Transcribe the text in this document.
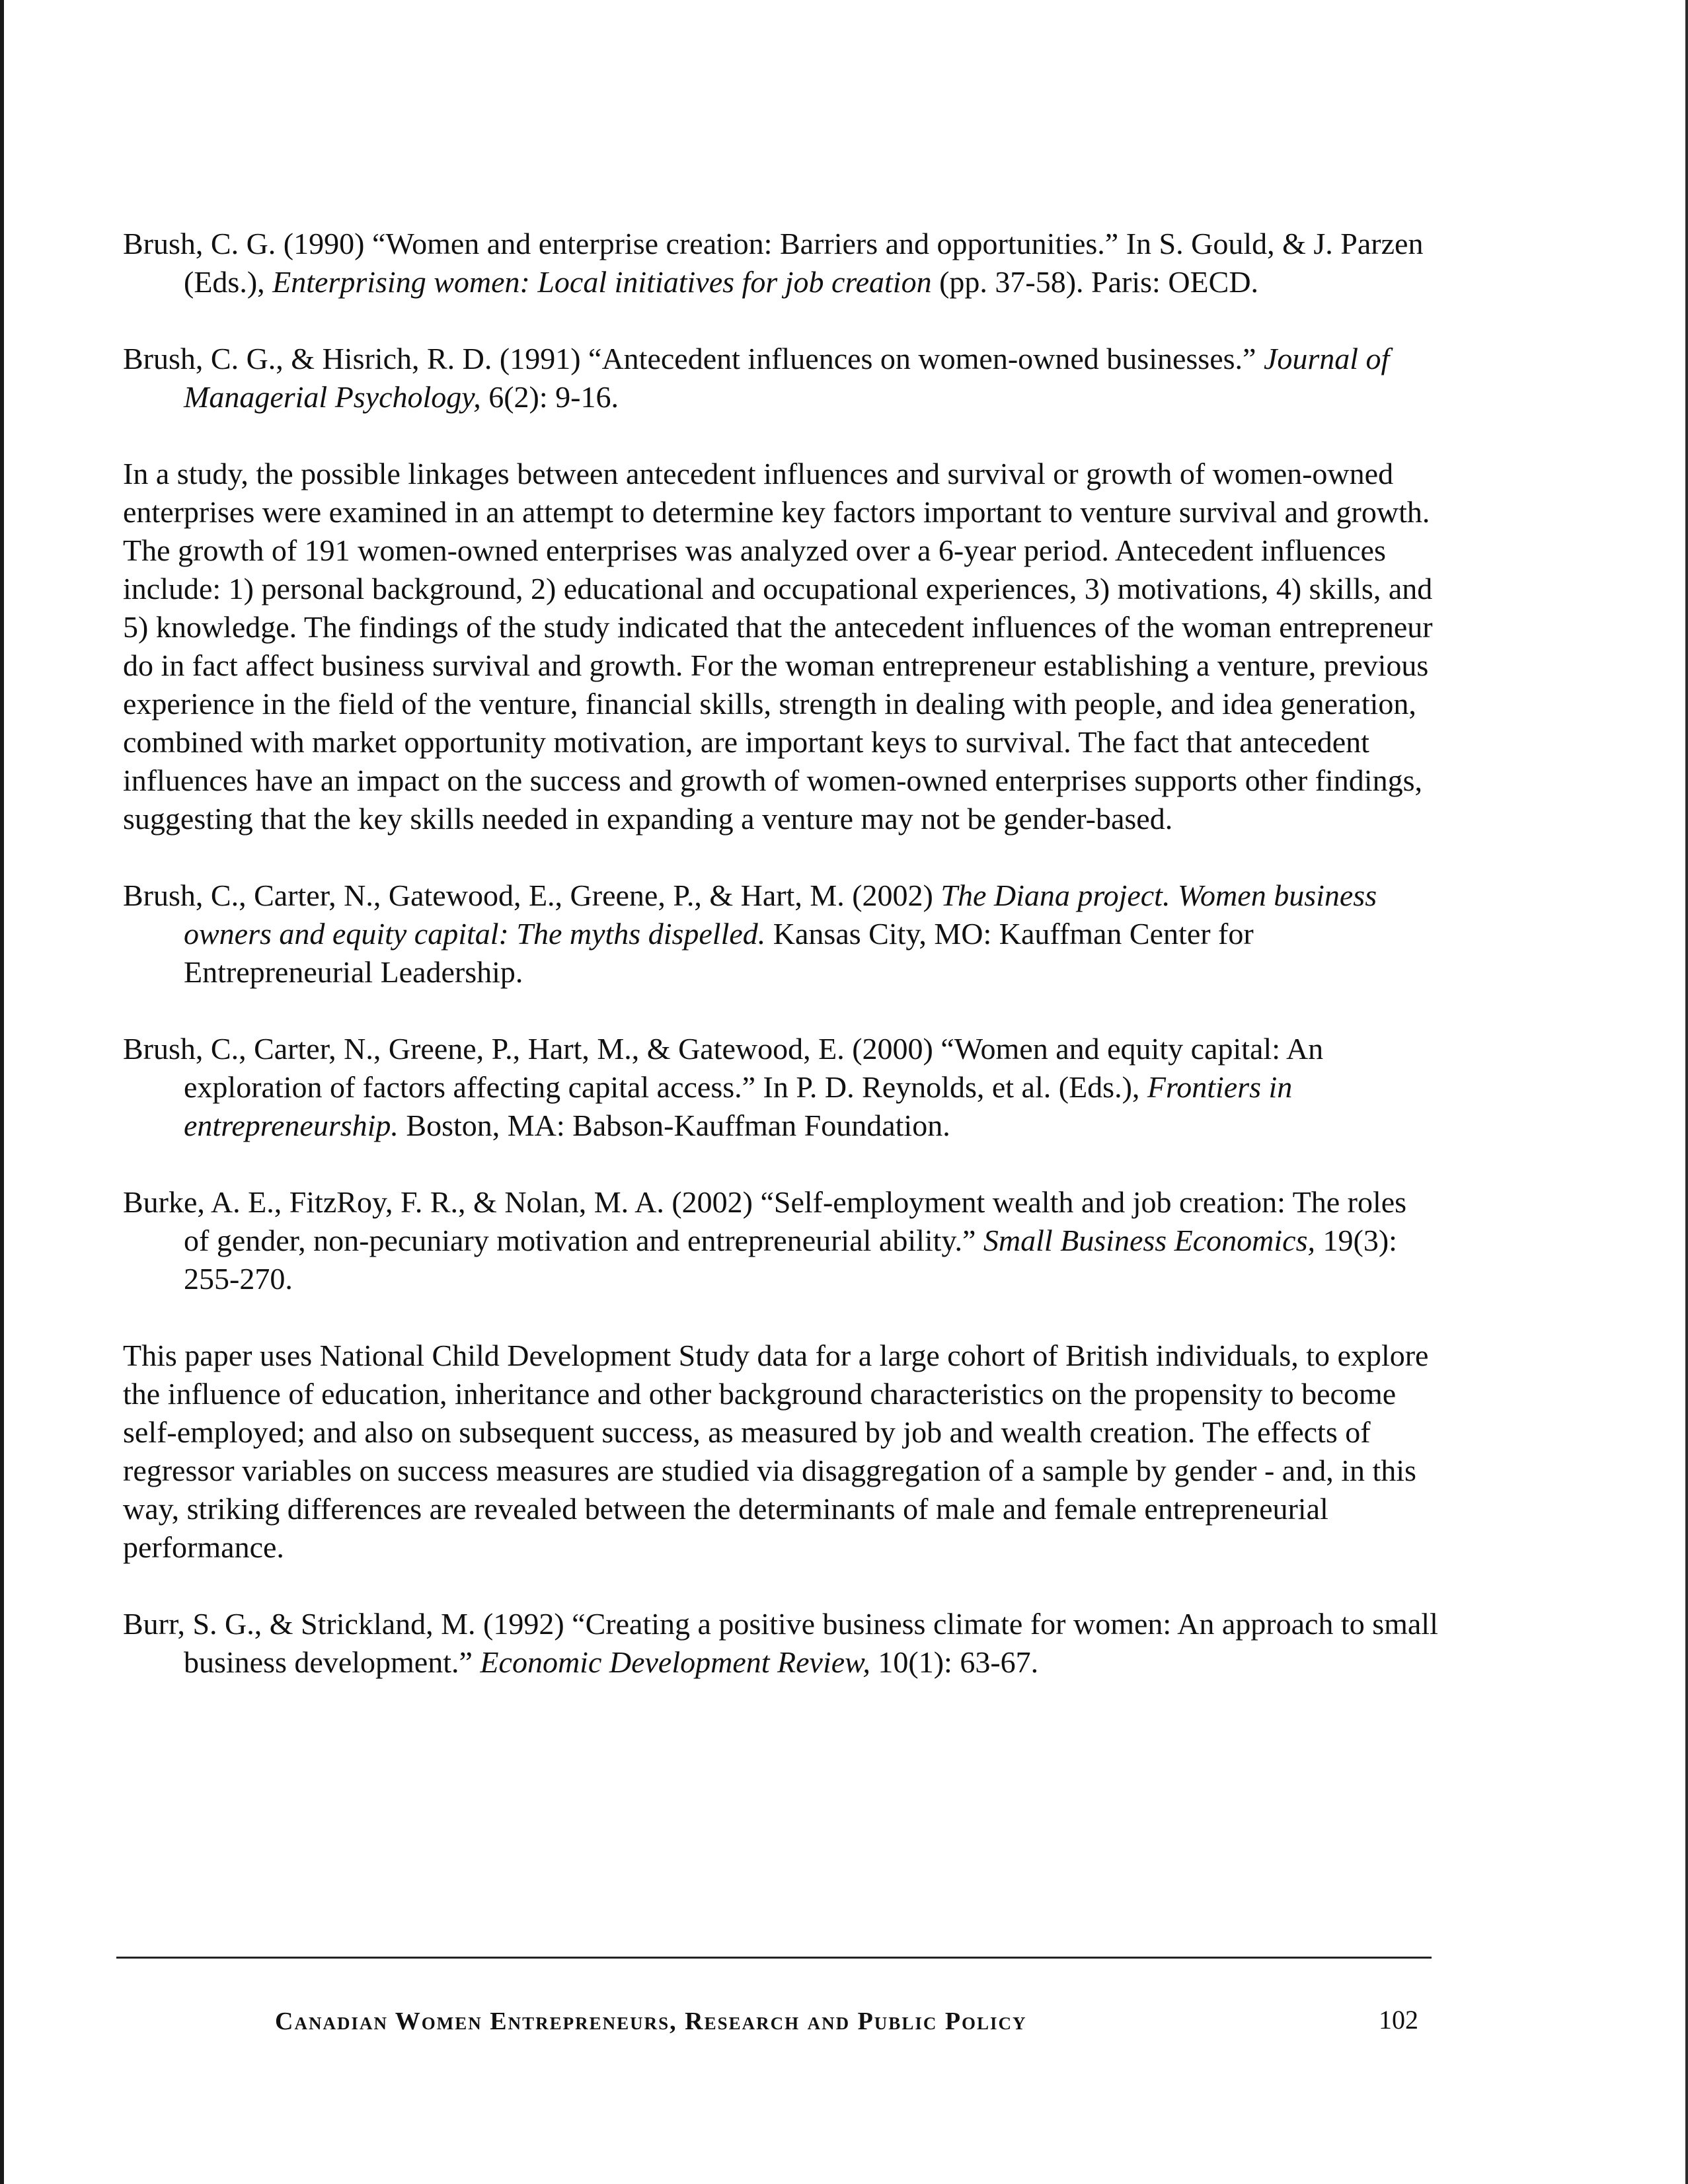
Brush, C. G. (1990) “Women and enterprise creation: Barriers and opportunities.” In S. Gould, & J. Parzen (Eds.), Enterprising women: Local initiatives for job creation (pp. 37-58). Paris: OECD.

Brush, C. G., & Hisrich, R. D. (1991) “Antecedent influences on women-owned businesses.” Journal of Managerial Psychology, 6(2): 9-16.

In a study, the possible linkages between antecedent influences and survival or growth of women-owned enterprises were examined in an attempt to determine key factors important to venture survival and growth. The growth of 191 women-owned enterprises was analyzed over a 6-year period. Antecedent influences include: 1) personal background, 2) educational and occupational experiences, 3) motivations, 4) skills, and 5) knowledge. The findings of the study indicated that the antecedent influences of the woman entrepreneur do in fact affect business survival and growth. For the woman entrepreneur establishing a venture, previous experience in the field of the venture, financial skills, strength in dealing with people, and idea generation, combined with market opportunity motivation, are important keys to survival. The fact that antecedent influences have an impact on the success and growth of women-owned enterprises supports other findings, suggesting that the key skills needed in expanding a venture may not be gender-based.

Brush, C., Carter, N., Gatewood, E., Greene, P., & Hart, M. (2002) The Diana project. Women business owners and equity capital: The myths dispelled. Kansas City, MO: Kauffman Center for Entrepreneurial Leadership.

Brush, C., Carter, N., Greene, P., Hart, M., & Gatewood, E. (2000) “Women and equity capital: An exploration of factors affecting capital access.” In P. D. Reynolds, et al. (Eds.), Frontiers in entrepreneurship. Boston, MA: Babson-Kauffman Foundation.

Burke, A. E., FitzRoy, F. R., & Nolan, M. A. (2002) “Self-employment wealth and job creation: The roles of gender, non-pecuniary motivation and entrepreneurial ability.” Small Business Economics, 19(3): 255-270.

This paper uses National Child Development Study data for a large cohort of British individuals, to explore the influence of education, inheritance and other background characteristics on the propensity to become self-employed; and also on subsequent success, as measured by job and wealth creation. The effects of regressor variables on success measures are studied via disaggregation of a sample by gender - and, in this way, striking differences are revealed between the determinants of male and female entrepreneurial performance.

Burr, S. G., & Strickland, M. (1992) “Creating a positive business climate for women: An approach to small business development.” Economic Development Review, 10(1): 63-67.

Canadian Women Entrepreneurs, Research and Public Policy	102
